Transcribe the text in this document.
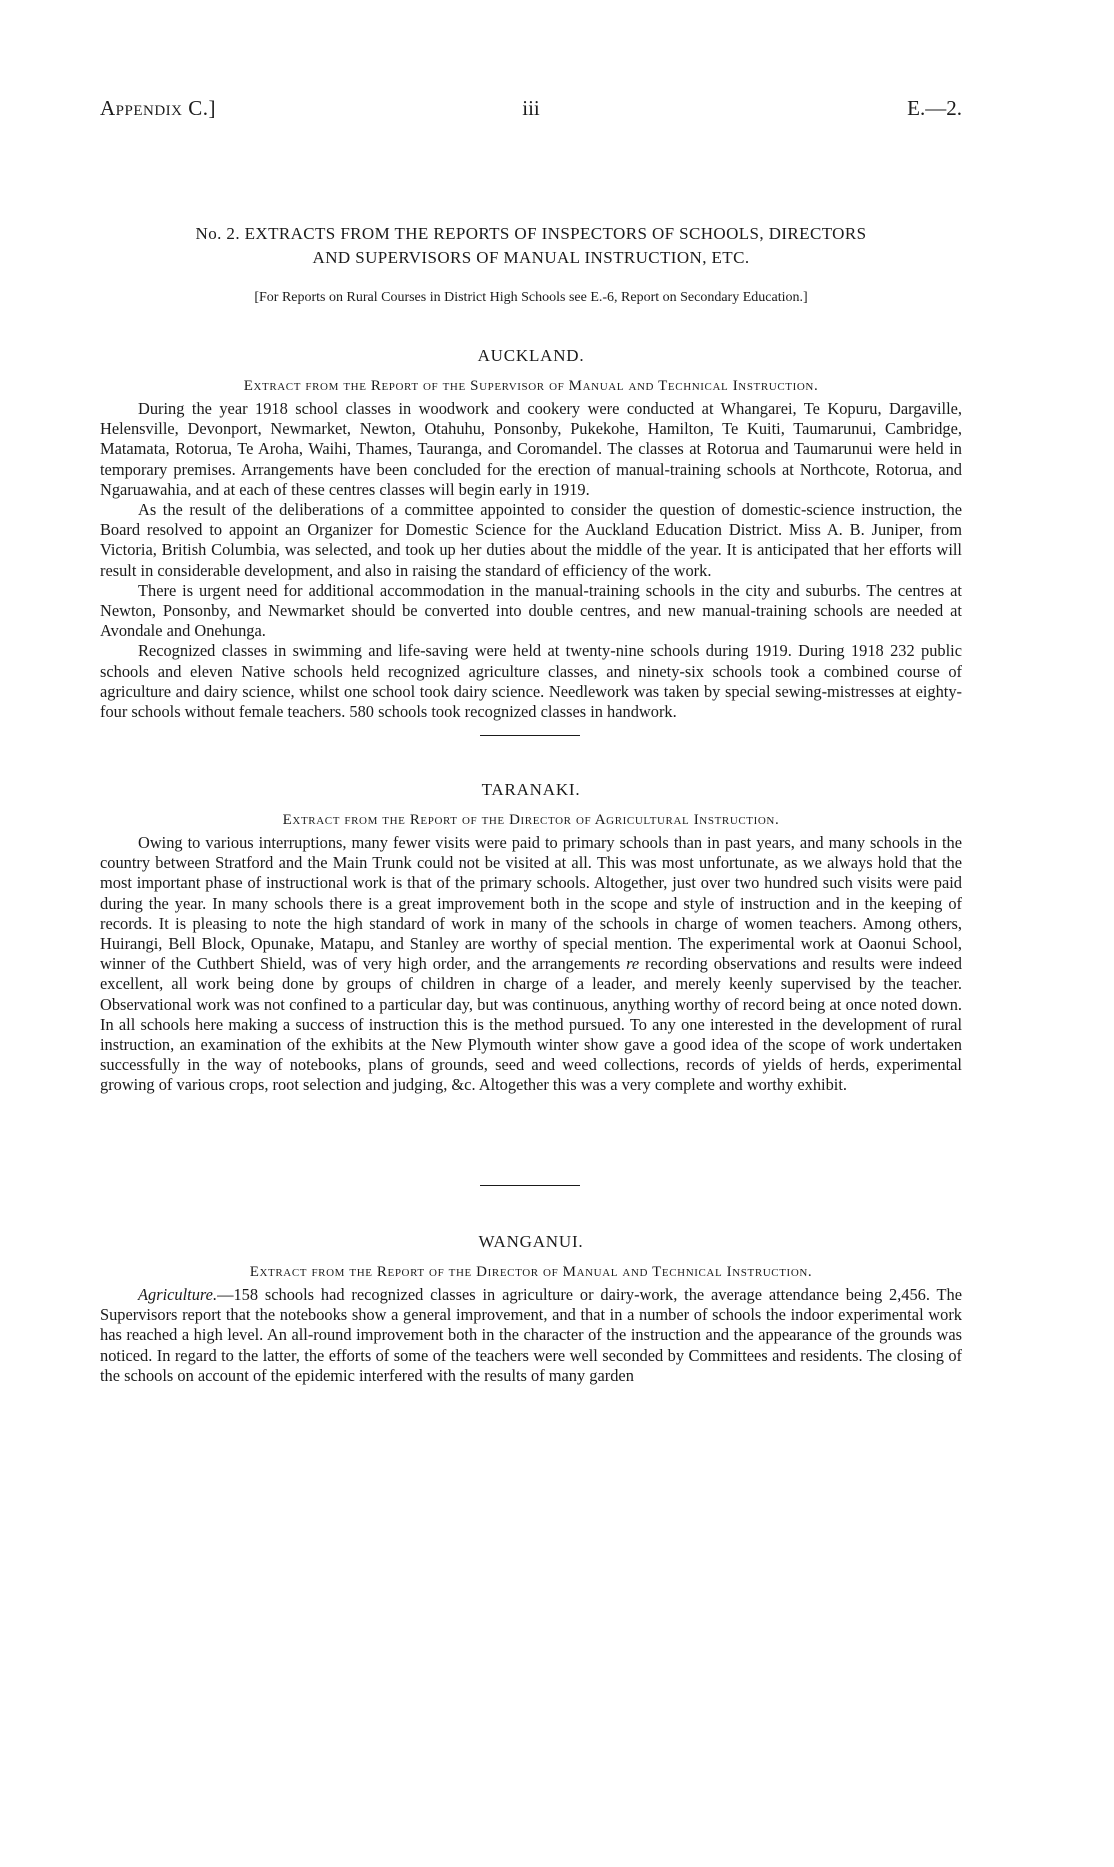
Appendix C.]	iii	E.—2.
No. 2. EXTRACTS FROM THE REPORTS OF INSPECTORS OF SCHOOLS, DIRECTORS
AND SUPERVISORS OF MANUAL INSTRUCTION, ETC.
[For Reports on Rural Courses in District High Schools see E.-6, Report on Secondary Education.]
AUCKLAND.
Extract from the Report of the Supervisor of Manual and Technical Instruction.

During the year 1918 school classes in woodwork and cookery were conducted at Whangarei, Te Kopuru, Dargaville, Helensville, Devonport, Newmarket, Newton, Otahuhu, Ponsonby, Pukekohe, Hamilton, Te Kuiti, Taumarunui, Cambridge, Matamata, Rotorua, Te Aroha, Waihi, Thames, Tauranga, and Coromandel. The classes at Rotorua and Taumarunui were held in temporary premises. Arrangements have been concluded for the erection of manual-training schools at Northcote, Rotorua, and Ngaruawahia, and at each of these centres classes will begin early in 1919.

As the result of the deliberations of a committee appointed to consider the question of domestic-science instruction, the Board resolved to appoint an Organizer for Domestic Science for the Auckland Education District. Miss A. B. Juniper, from Victoria, British Columbia, was selected, and took up her duties about the middle of the year. It is anticipated that her efforts will result in considerable development, and also in raising the standard of efficiency of the work.

There is urgent need for additional accommodation in the manual-training schools in the city and suburbs. The centres at Newton, Ponsonby, and Newmarket should be converted into double centres, and new manual-training schools are needed at Avondale and Onehunga.

Recognized classes in swimming and life-saving were held at twenty-nine schools during 1919. During 1918 232 public schools and eleven Native schools held recognized agriculture classes, and ninety-six schools took a combined course of agriculture and dairy science, whilst one school took dairy science. Needlework was taken by special sewing-mistresses at eighty-four schools without female teachers. 580 schools took recognized classes in handwork.

TARANAKI.
Extract from the Report of the Director of Agricultural Instruction.

Owing to various interruptions, many fewer visits were paid to primary schools than in past years, and many schools in the country between Stratford and the Main Trunk could not be visited at all. This was most unfortunate, as we always hold that the most important phase of instructional work is that of the primary schools. Altogether, just over two hundred such visits were paid during the year. In many schools there is a great improvement both in the scope and style of instruction and in the keeping of records. It is pleasing to note the high standard of work in many of the schools in charge of women teachers. Among others, Huirangi, Bell Block, Opunake, Matapu, and Stanley are worthy of special mention. The experimental work at Oaonui School, winner of the Cuthbert Shield, was of very high order, and the arrangements re recording observations and results were indeed excellent, all work being done by groups of children in charge of a leader, and merely keenly supervised by the teacher. Observational work was not confined to a particular day, but was continuous, anything worthy of record being at once noted down. In all schools here making a success of instruction this is the method pursued. To any one interested in the development of rural instruction, an examination of the exhibits at the New Plymouth winter show gave a good idea of the scope of work undertaken successfully in the way of notebooks, plans of grounds, seed and weed collections, records of yields of herds, experimental growing of various crops, root selection and judging, &c. Altogether this was a very complete and worthy exhibit.

WANGANUI.
Extract from the Report of the Director of Manual and Technical Instruction.

Agriculture.—158 schools had recognized classes in agriculture or dairy-work, the average attendance being 2,456. The Supervisors report that the notebooks show a general improvement, and that in a number of schools the indoor experimental work has reached a high level. An all-round improvement both in the character of the instruction and the appearance of the grounds was noticed. In regard to the latter, the efforts of some of the teachers were well seconded by Committees and residents. The closing of the schools on account of the epidemic interfered with the results of many garden
